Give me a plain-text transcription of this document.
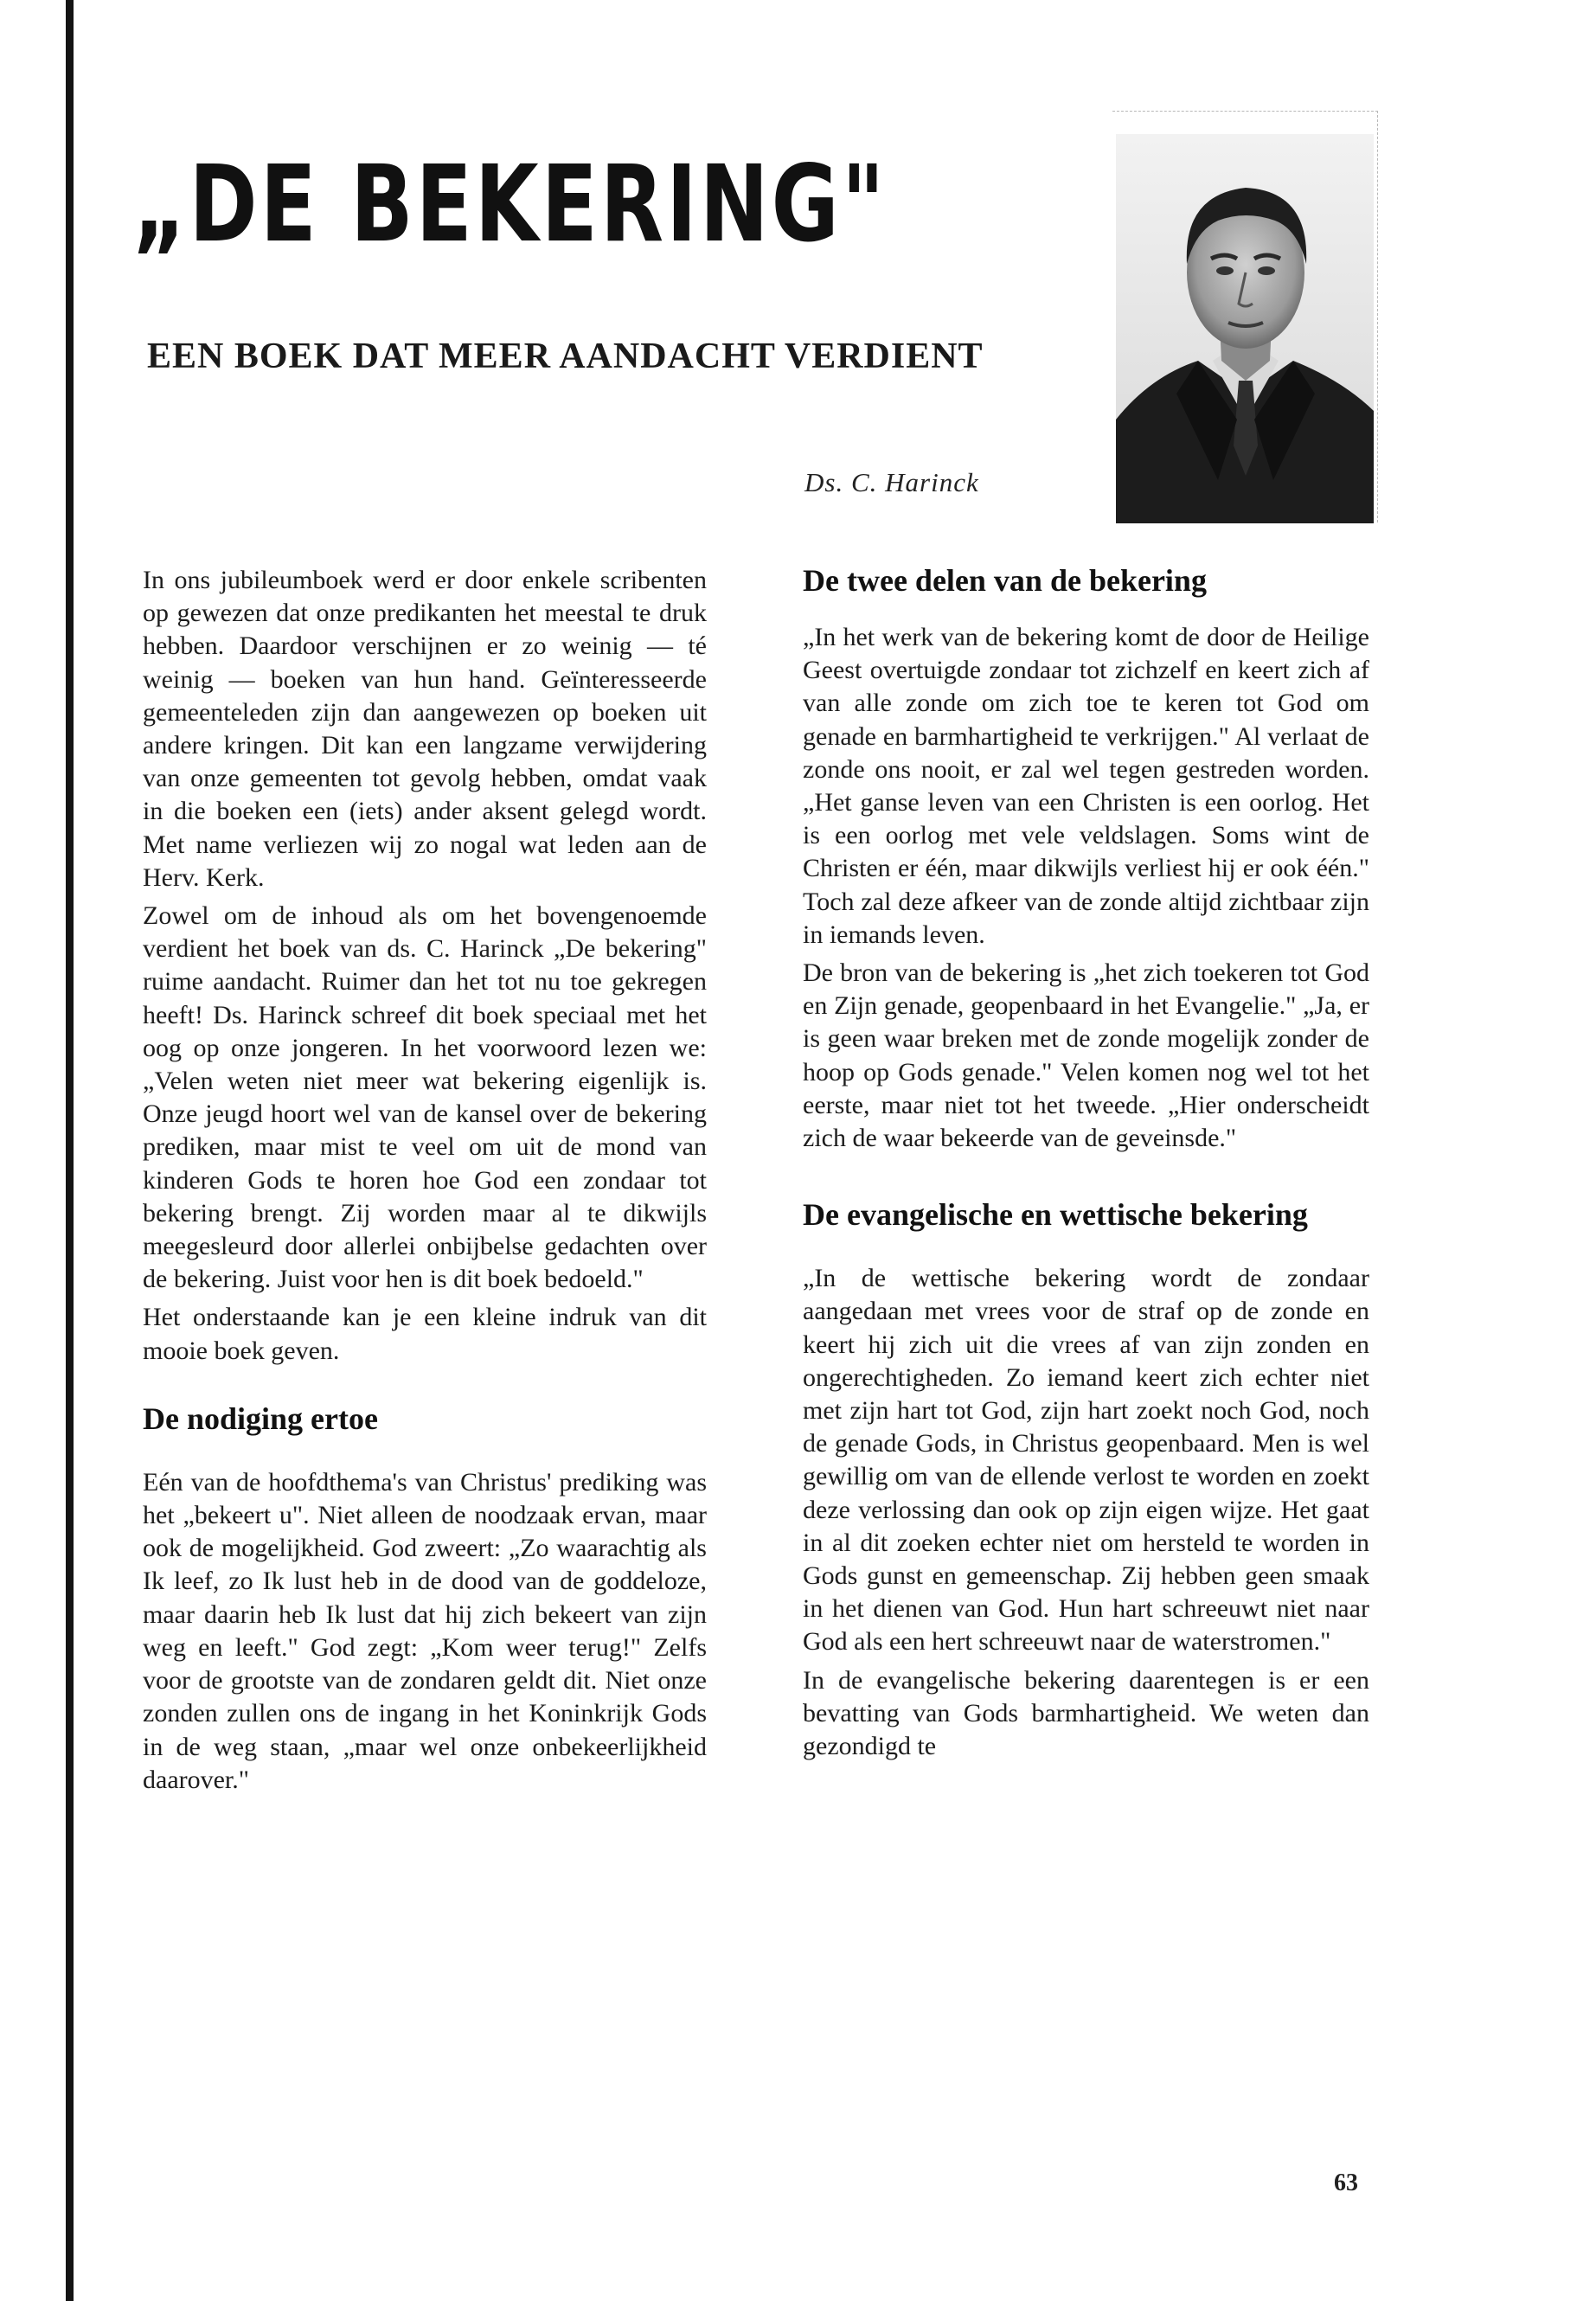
„DE BEKERING"
EEN BOEK DAT MEER AANDACHT VERDIENT
Ds. C. Harinck

In ons jubileumboek werd er door enkele scribenten op gewezen dat onze predikanten het meestal te druk hebben. Daardoor verschijnen er zo weinig — té weinig — boeken van hun hand. Geïnteresseerde gemeenteleden zijn dan aangewezen op boeken uit andere kringen. Dit kan een langzame verwijdering van onze gemeenten tot gevolg hebben, omdat vaak in die boeken een (iets) ander aksent gelegd wordt. Met name verliezen wij zo nogal wat leden aan de Herv. Kerk.

Zowel om de inhoud als om het bovengenoemde verdient het boek van ds. C. Harinck „De bekering" ruime aandacht. Ruimer dan het tot nu toe gekregen heeft! Ds. Harinck schreef dit boek speciaal met het oog op onze jongeren. In het voorwoord lezen we: „Velen weten niet meer wat bekering eigenlijk is. Onze jeugd hoort wel van de kansel over de bekering prediken, maar mist te veel om uit de mond van kinderen Gods te horen hoe God een zondaar tot bekering brengt. Zij worden maar al te dikwijls meegesleurd door allerlei onbijbelse gedachten over de bekering. Juist voor hen is dit boek bedoeld."

Het onderstaande kan je een kleine indruk van dit mooie boek geven.

De nodiging ertoe

Eén van de hoofdthema's van Christus' prediking was het „bekeert u". Niet alleen de noodzaak ervan, maar ook de mogelijkheid. God zweert: „Zo waarachtig als Ik leef, zo Ik lust heb in de dood van de goddeloze, maar daarin heb Ik lust dat hij zich bekeert van zijn weg en leeft." God zegt: „Kom weer terug!" Zelfs voor de grootste van de zondaren geldt dit. Niet onze zonden zullen ons de ingang in het Koninkrijk Gods in de weg staan, „maar wel onze onbekeerlijkheid daarover."

De twee delen van de bekering

„In het werk van de bekering komt de door de Heilige Geest overtuigde zondaar tot zichzelf en keert zich af van alle zonde om zich toe te keren tot God om genade en barmhartigheid te verkrijgen." Al verlaat de zonde ons nooit, er zal wel tegen gestreden worden. „Het ganse leven van een Christen is een oorlog. Het is een oorlog met vele veldslagen. Soms wint de Christen er één, maar dikwijls verliest hij er ook één." Toch zal deze afkeer van de zonde altijd zichtbaar zijn in iemands leven.

De bron van de bekering is „het zich toekeren tot God en Zijn genade, geopenbaard in het Evangelie." „Ja, er is geen waar breken met de zonde mogelijk zonder de hoop op Gods genade." Velen komen nog wel tot het eerste, maar niet tot het tweede. „Hier onderscheidt zich de waar bekeerde van de geveinsde."

De evangelische en wettische bekering

„In de wettische bekering wordt de zondaar aangedaan met vrees voor de straf op de zonde en keert hij zich uit die vrees af van zijn zonden en ongerechtigheden. Zo iemand keert zich echter niet met zijn hart tot God, zijn hart zoekt noch God, noch de genade Gods, in Christus geopenbaard. Men is wel gewillig om van de ellende verlost te worden en zoekt deze verlossing dan ook op zijn eigen wijze. Het gaat in al dit zoeken echter niet om hersteld te worden in Gods gunst en gemeenschap. Zij hebben geen smaak in het dienen van God. Hun hart schreeuwt niet naar God als een hert schreeuwt naar de waterstromen."

In de evangelische bekering daarentegen is er een bevatting van Gods barmhartigheid. We weten dan gezondigd te

63
